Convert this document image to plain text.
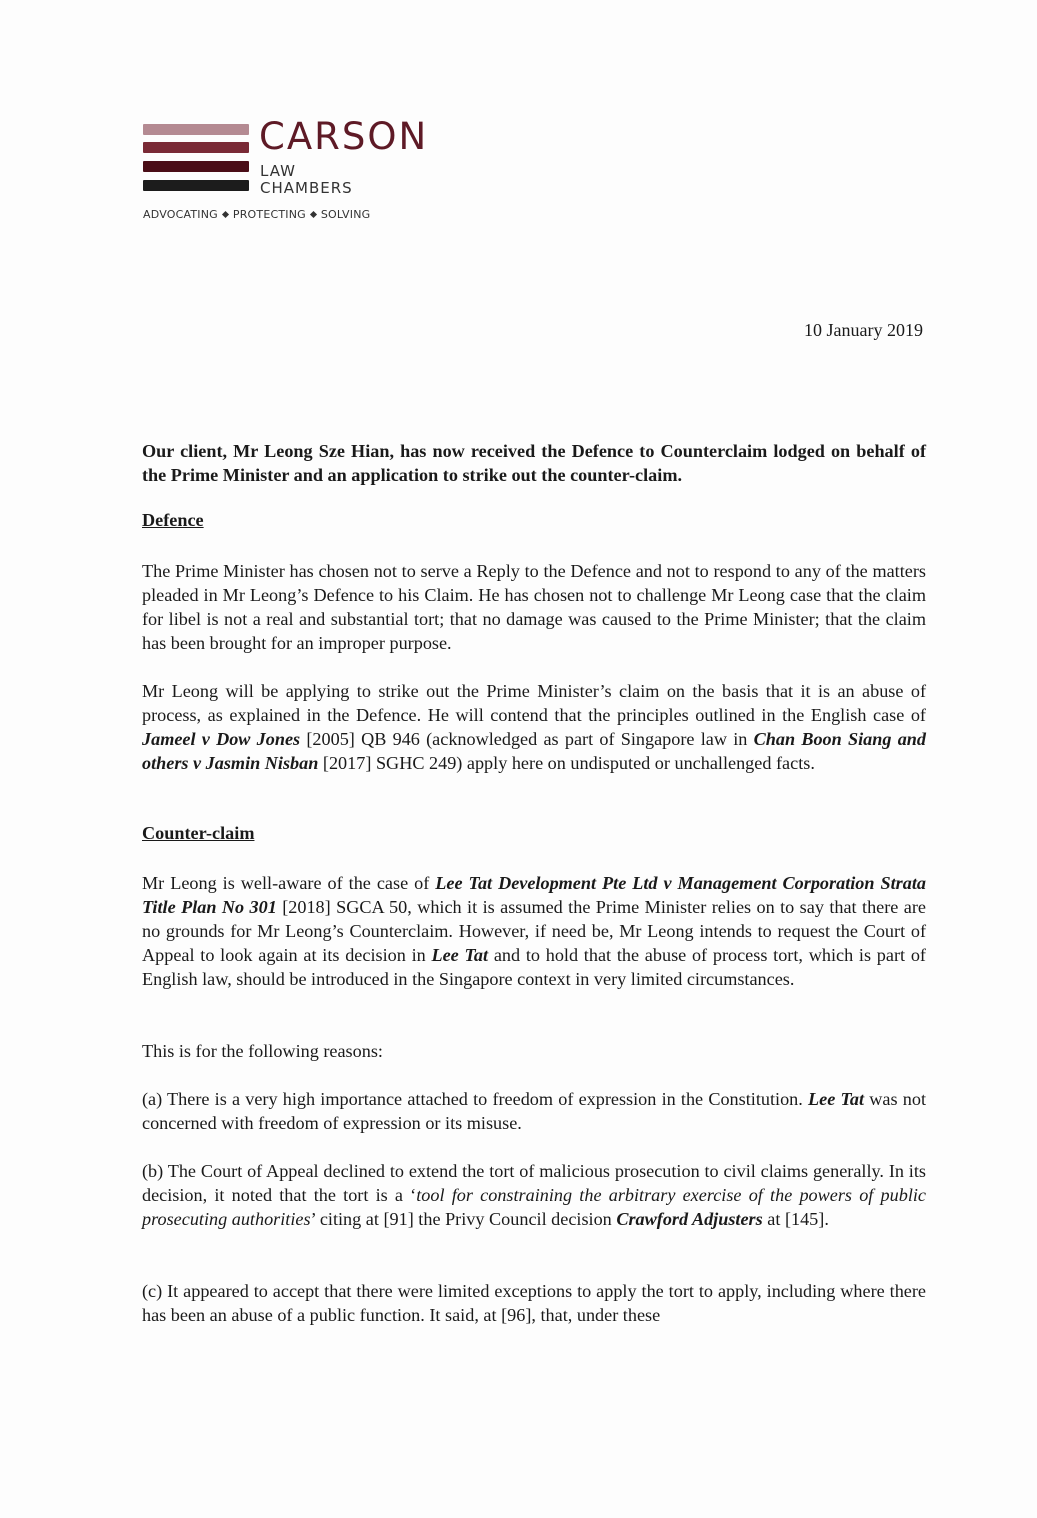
CARSON
LAW
CHAMBERS
ADVOCATING PROTECTING SOLVING
10 January 2019

Our client, Mr Leong Sze Hian, has now received the Defence to Counterclaim lodged on behalf of the Prime Minister and an application to strike out the counter-claim.

Defence

The Prime Minister has chosen not to serve a Reply to the Defence and not to respond to any of the matters pleaded in Mr Leong’s Defence to his Claim. He has chosen not to challenge Mr Leong case that the claim for libel is not a real and substantial tort; that no damage was caused to the Prime Minister; that the claim has been brought for an improper purpose.

Mr Leong will be applying to strike out the Prime Minister’s claim on the basis that it is an abuse of process, as explained in the Defence. He will contend that the principles outlined in the English case of Jameel v Dow Jones [2005] QB 946 (acknowledged as part of Singapore law in Chan Boon Siang and others v Jasmin Nisban [2017] SGHC 249) apply here on undisputed or unchallenged facts.

Counter-claim

Mr Leong is well-aware of the case of Lee Tat Development Pte Ltd v Management Corporation Strata Title Plan No 301 [2018] SGCA 50, which it is assumed the Prime Minister relies on to say that there are no grounds for Mr Leong’s Counterclaim. However, if need be, Mr Leong intends to request the Court of Appeal to look again at its decision in Lee Tat and to hold that the abuse of process tort, which is part of English law, should be introduced in the Singapore context in very limited circumstances.

This is for the following reasons:

(a) There is a very high importance attached to freedom of expression in the Constitution. Lee Tat was not concerned with freedom of expression or its misuse.

(b) The Court of Appeal declined to extend the tort of malicious prosecution to civil claims generally. In its decision, it noted that the tort is a ‘tool for constraining the arbitrary exercise of the powers of public prosecuting authorities’ citing at [91] the Privy Council decision Crawford Adjusters at [145].

(c) It appeared to accept that there were limited exceptions to apply the tort to apply, including where there has been an abuse of a public function. It said, at [96], that, under these
